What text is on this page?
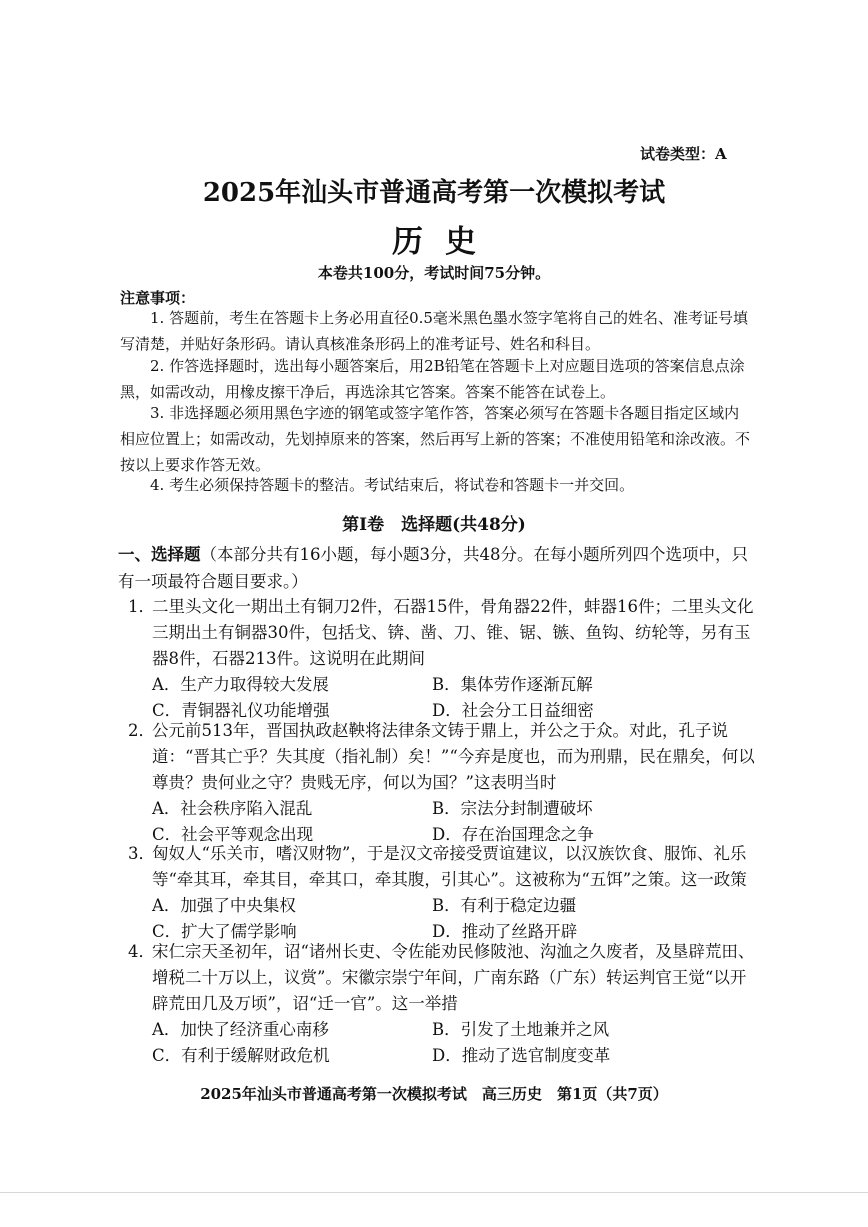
试卷类型：A
2025年汕头市普通高考第一次模拟考试
历史
本卷共100分，考试时间75分钟。
注意事项：
1. 答题前，考生在答题卡上务必用直径0.5毫米黑色墨水签字笔将自己的姓名、准考证号填写清楚，并贴好条形码。请认真核准条形码上的准考证号、姓名和科目。
2. 作答选择题时，选出每小题答案后，用2B铅笔在答题卡上对应题目选项的答案信息点涂黑，如需改动，用橡皮擦干净后，再选涂其它答案。答案不能答在试卷上。
3. 非选择题必须用黑色字迹的钢笔或签字笔作答，答案必须写在答题卡各题目指定区域内相应位置上；如需改动，先划掉原来的答案，然后再写上新的答案；不准使用铅笔和涂改液。不按以上要求作答无效。
4. 考生必须保持答题卡的整洁。考试结束后，将试卷和答题卡一并交回。
第Ⅰ卷　选择题(共48分)
一、选择题（本部分共有16小题，每小题3分，共48分。在每小题所列四个选项中，只有一项最符合题目要求。）
1．
二里头文化一期出土有铜刀2件，石器15件，骨角器22件，蚌器16件；二里头文化三期出土有铜器30件，包括戈、锛、凿、刀、锥、锯、镞、鱼钩、纺轮等，另有玉器8件，石器213件。这说明在此期间
A．生产力取得较大发展	B．集体劳作逐渐瓦解
C．青铜器礼仪功能增强	D．社会分工日益细密
2．
公元前513年，晋国执政赵鞅将法律条文铸于鼎上，并公之于众。对此，孔子说道：“晋其亡乎？失其度（指礼制）矣！”“今弃是度也，而为刑鼎，民在鼎矣，何以尊贵？贵何业之守？贵贱无序，何以为国？”这表明当时
A．社会秩序陷入混乱	B．宗法分封制遭破坏
C．社会平等观念出现	D．存在治国理念之争
3．
匈奴人“乐关市，嗜汉财物”，于是汉文帝接受贾谊建议，以汉族饮食、服饰、礼乐等“牵其耳，牵其目，牵其口，牵其腹，引其心”。这被称为“五饵”之策。这一政策
A．加强了中央集权	B．有利于稳定边疆
C．扩大了儒学影响	D．推动了丝路开辟
4．
宋仁宗天圣初年，诏“诸州长吏、令佐能劝民修陂池、沟洫之久废者，及垦辟荒田、增税二十万以上，议赏”。宋徽宗崇宁年间，广南东路（广东）转运判官王觉“以开辟荒田几及万顷”，诏“迁一官”。这一举措
A．加快了经济重心南移	B．引发了土地兼并之风
C．有利于缓解财政危机	D．推动了选官制度变革
2025年汕头市普通高考第一次模拟考试　高三历史　第1页（共7页）
